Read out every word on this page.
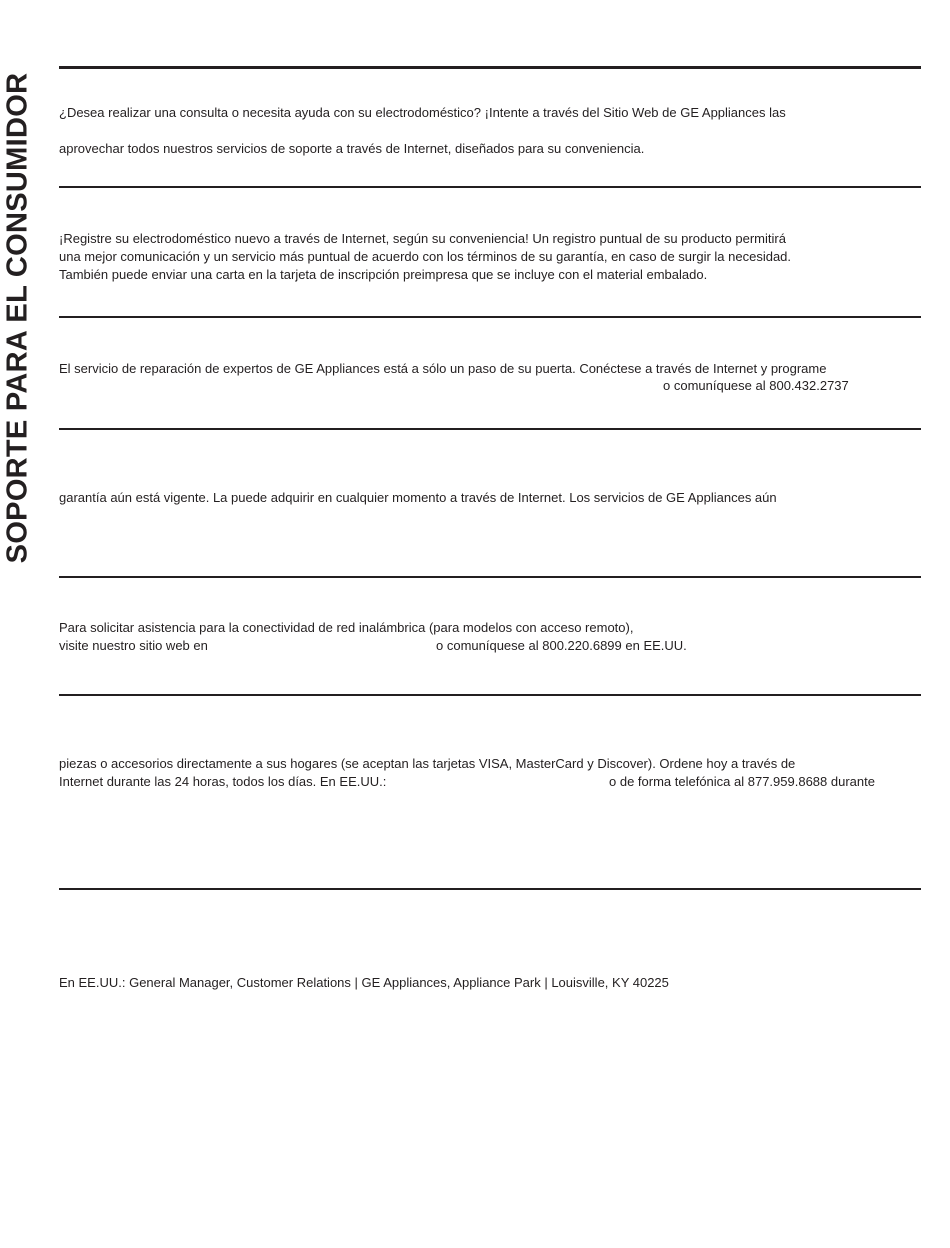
SOPORTE PARA EL CONSUMIDOR ¿Desea realizar una consulta o necesita ayuda con su electrodoméstico? ¡Intente a través del Sitio Web de GE Appliances las
aprovechar todos nuestros servicios de soporte a través de Internet, diseñados para su conveniencia.
¡Registre su electrodoméstico nuevo a través de Internet, según su conveniencia! Un registro puntual de su producto permitirá
una mejor comunicación y un servicio más puntual de acuerdo con los términos de su garantía, en caso de surgir la necesidad.
También puede enviar una carta en la tarjeta de inscripción preimpresa que se incluye con el material embalado.
El servicio de reparación de expertos de GE Appliances está a sólo un paso de su puerta. Conéctese a través de Internet y programe
o comuníquese al 800.432.2737
garantía aún está vigente. La puede adquirir en cualquier momento a través de Internet. Los servicios de GE Appliances aún
Para solicitar asistencia para la conectividad de red inalámbrica (para modelos con acceso remoto),
visite nuestro sitio web en	o comuníquese al 800.220.6899 en EE.UU.
piezas o accesorios directamente a sus hogares (se aceptan las tarjetas VISA, MasterCard y Discover). Ordene hoy a través de
Internet durante las 24 horas, todos los días. En EE.UU.:	o de forma telefónica al 877.959.8688 durante
En EE.UU.: General Manager, Customer Relations | GE Appliances, Appliance Park | Louisville, KY 40225
